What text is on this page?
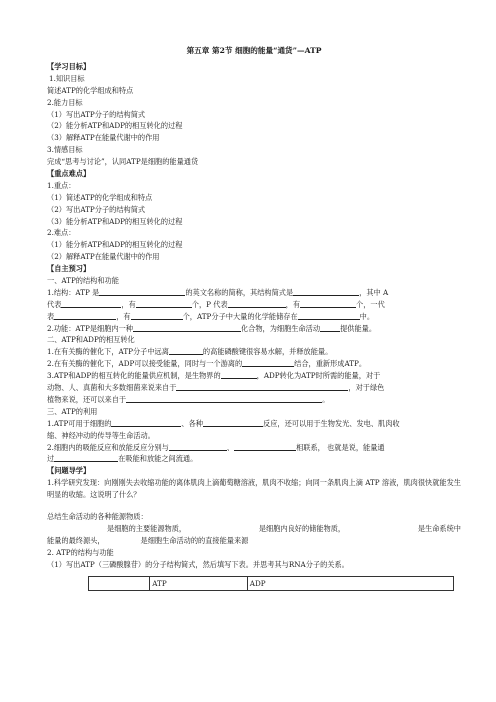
第五章 第2节 细胞的能量“通货”—ATP
【学习目标】
1.知识目标
简述ATP的化学组成和特点
2.能力目标
（1）写出ATP分子的结构简式
（2）能分析ATP和ADP的相互转化的过程
（3）解释ATP在能量代谢中的作用
3.情感目标
完成“思考与讨论”，认同ATP是细胞的能量通货
【重点难点】
1.重点：
（1）简述ATP的化学组成和特点
（2）写出ATP分子的结构简式
（3）能分析ATP和ADP的相互转化的过程
2.难点：
（1）能分析ATP和ADP的相互转化的过程
（2）解释ATP在能量代谢中的作用
【自主预习】
一、ATP的结构和功能
1.结构：ATP 是	的英文名称的简称，其结构简式是	，其中 A
代表	，有	个，P 代表	，有	个，一代
表	，有	个，ATP分子中大量的化学能储存在	中。
2.功能：ATP是细胞内一种	化合物，为细胞生命活动	提供能量。
二、ATP和ADP的相互转化
1.在有关酶的催化下，ATP分子中远离	的高能磷酸键很容易水解，并释放能量。
2.在有关酶的催化下，ADP可以接受能量，同时与一个游离的	结合，重新形成ATP。
3.ATP和ADP的相互转化的能量供应机制，是生物界的	，ADP转化为ATP时所需的能量，对于
动物、人、真菌和大多数细菌来说来自于	，对于绿色
植物来说，还可以来自于	。
三、ATP的利用
1.ATP可用于细胞的	、各种	反应，还可以用于生物发光、发电、肌肉收
缩、神经冲动的传导等生命活动。
2.细胞内的吸能反应和放能反应分别与	、	相联系， 也就是说，能量通
过	在吸能和放能之间流通。
【问题导学】
1.科学研究发现：向刚刚失去收缩功能的离体肌肉上滴葡萄糖溶液，肌肉不收缩；向同一条肌肉上滴 ATP 溶液，肌肉很快就能发生明显的收缩。这说明了什么？
总结生命活动的各种能源物质：
是细胞的主要能源物质，	是细胞内良好的储能物质，	是生命系统中
能量的最终源头，	是细胞生命活动的的直接能量来源
2. ATP的结构与功能
（1）写出ATP（三磷酸腺苷）的分子结构简式，然后填写下表。并思考其与RNA分子的关系。
	ATP	ADP
